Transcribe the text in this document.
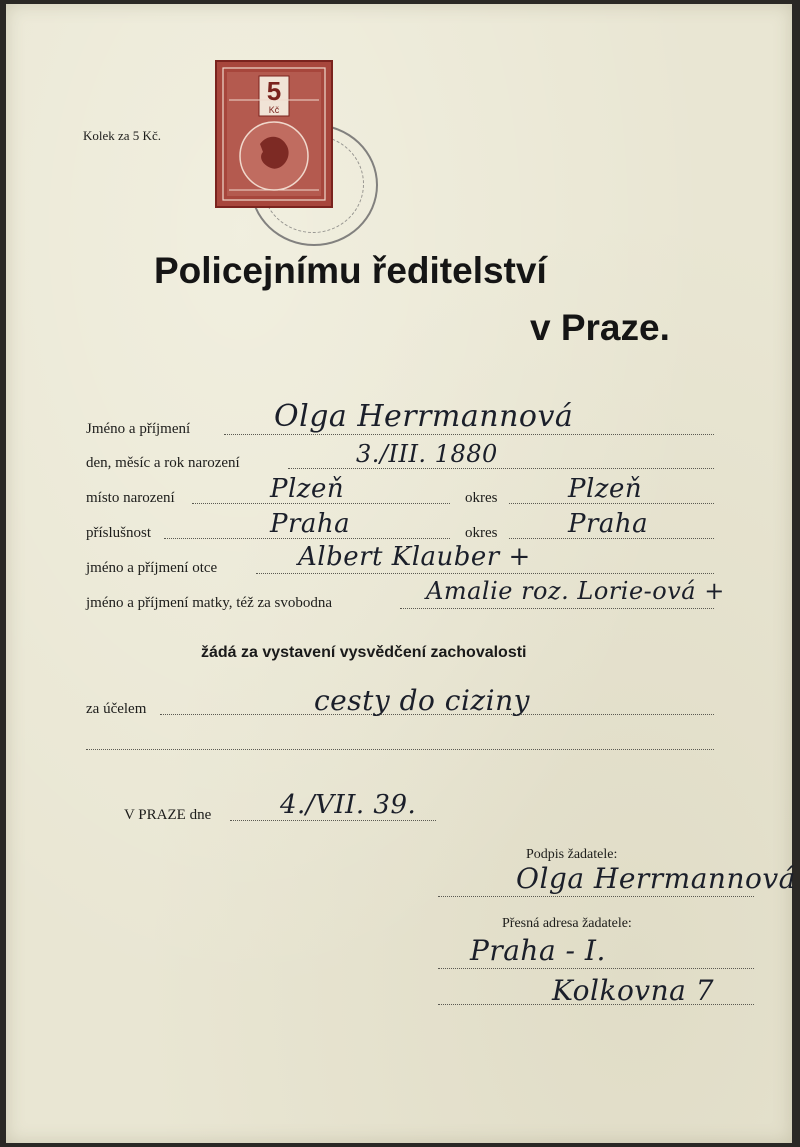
Kolek za 5 Kč.
5
Kč
Policejnímu ředitelství
v Praze.
Jméno a příjmení	Olga Herrmannová
den, měsíc a rok narození	3./III. 1880
místo narození	Plzeň	okres	Plzeň
příslušnost	Praha	okres	Praha
jméno a příjmení otce	Albert Klauber +
jméno a příjmení matky, též za svobodna	Amalie roz. Lorie-ová +
žádá za vystavení vysvědčení zachovalosti
za účelem	cesty do ciziny
V PRAZE dne	4./VII. 39.
Podpis žadatele:
Olga Herrmannová
Přesná adresa žadatele:
Praha - I.
Kolkovna 7
